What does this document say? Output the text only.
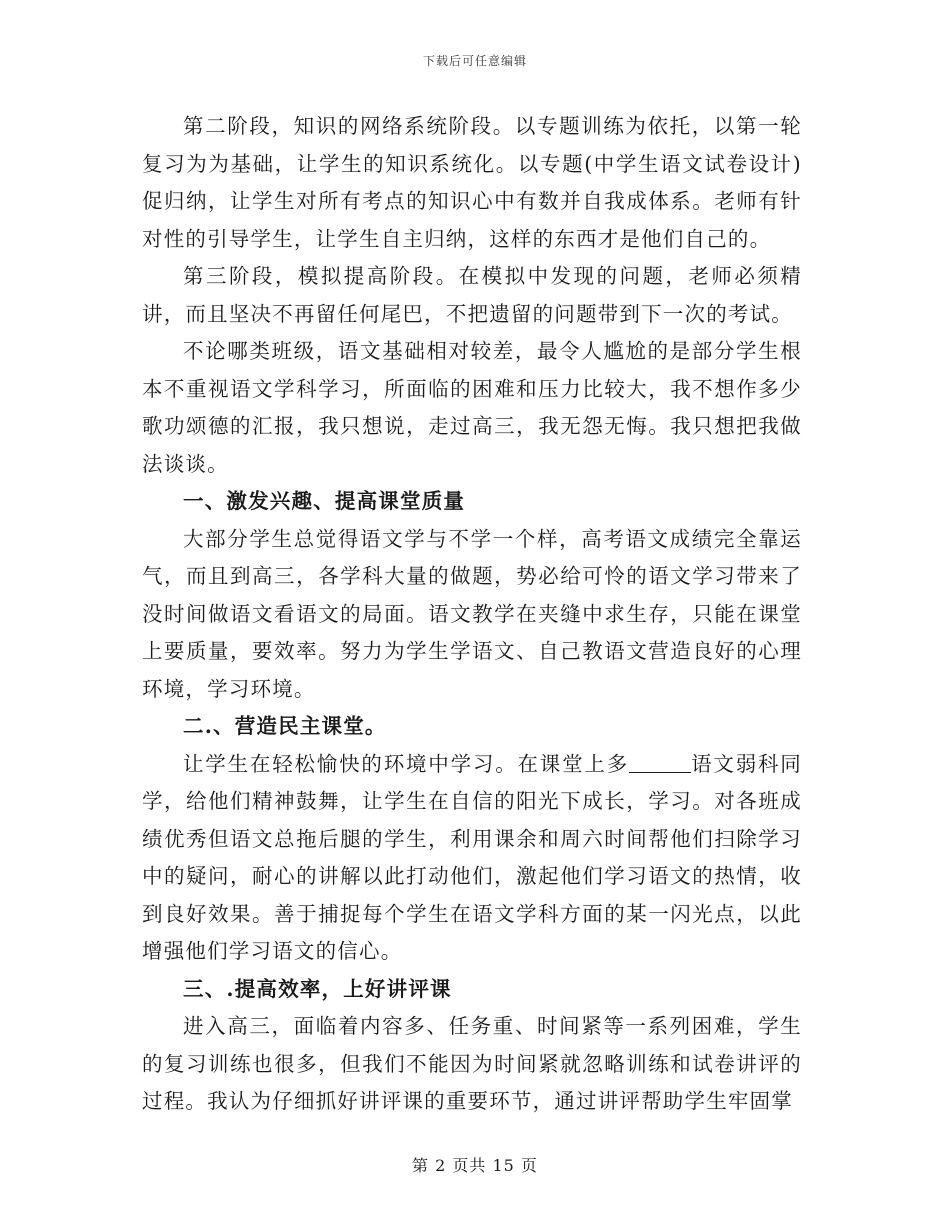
下载后可任意编辑

第二阶段，知识的网络系统阶段。以专题训练为依托，以第一轮复习为为基础，让学生的知识系统化。以专题(中学生语文试卷设计)促归纳，让学生对所有考点的知识心中有数并自我成体系。老师有针对性的引导学生，让学生自主归纳，这样的东西才是他们自己的。

第三阶段，模拟提高阶段。在模拟中发现的问题，老师必须精讲，而且坚决不再留任何尾巴，不把遗留的问题带到下一次的考试。

不论哪类班级，语文基础相对较差，最令人尴尬的是部分学生根本不重视语文学科学习，所面临的困难和压力比较大，我不想作多少歌功颂德的汇报，我只想说，走过高三，我无怨无悔。我只想把我做法谈谈。

一、激发兴趣、提高课堂质量

大部分学生总觉得语文学与不学一个样，高考语文成绩完全靠运气，而且到高三，各学科大量的做题，势必给可怜的语文学习带来了没时间做语文看语文的局面。语文教学在夹缝中求生存，只能在课堂上要质量，要效率。努力为学生学语文、自己教语文营造良好的心理环境，学习环境。

二.、营造民主课堂。

让学生在轻松愉快的环境中学习。在课堂上多	语文弱科同学，给他们精神鼓舞，让学生在自信的阳光下成长，学习。对各班成绩优秀但语文总拖后腿的学生，利用课余和周六时间帮他们扫除学习中的疑问，耐心的讲解以此打动他们，激起他们学习语文的热情，收到良好效果。善于捕捉每个学生在语文学科方面的某一闪光点，以此增强他们学习语文的信心。

三、.提高效率，上好讲评课

进入高三，面临着内容多、任务重、时间紧等一系列困难，学生的复习训练也很多，但我们不能因为时间紧就忽略训练和试卷讲评的过程。我认为仔细抓好讲评课的重要环节，通过讲评帮助学生牢固掌

第 2 页共 15 页
